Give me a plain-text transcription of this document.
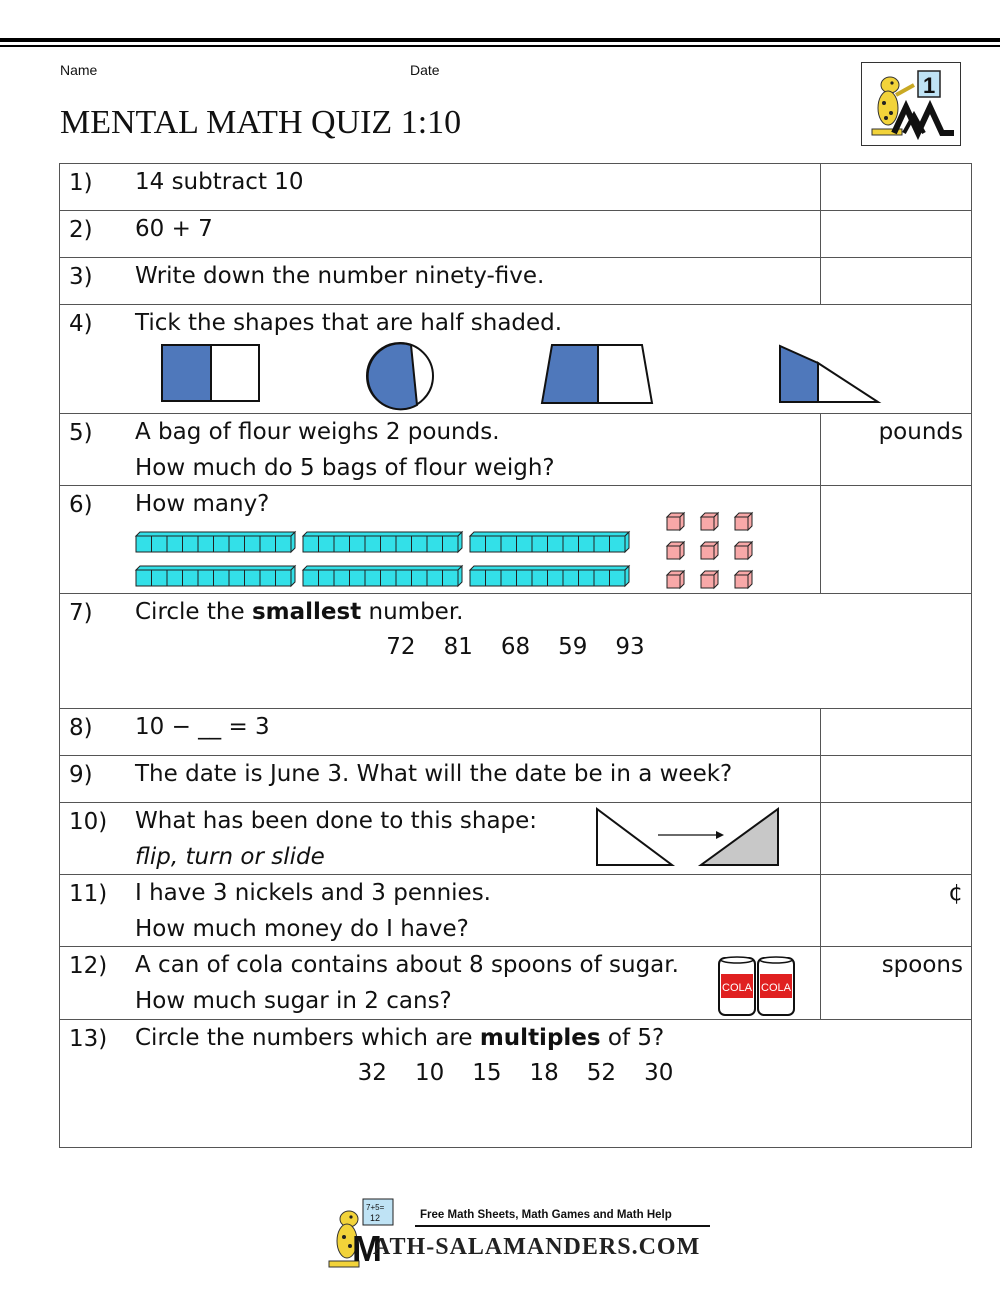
Name	Date
MENTAL MATH QUIZ 1:10
1
1) 14 subtract 10	

2) 60 + 7	

3) Write down the number ninety-five.	

4) Tick the shapes that are half shaded.	

5) A bag of flour weighs 2 pounds.
How much do 5 bags of flour weigh?	pounds

6) How many?	

7) Circle the smallest number.
72 81 68 59 93	

8) 10 − __ = 3	

9) The date is June 3. What will the date be in a week?	

10) What has been done to this shape:
flip, turn or slide	

11) I have 3 nickels and 3 pennies.
How much money do I have?	¢

12) A can of cola contains about 8 spoons of sugar.
How much sugar in 2 cans? COLA COLA	spoons

13) Circle the numbers which are multiples of 5?
32 10 15 18 52 30	
7+5=
12
M
Free Math Sheets, Math Games and Math Help
ATH-SALAMANDERS.COM
